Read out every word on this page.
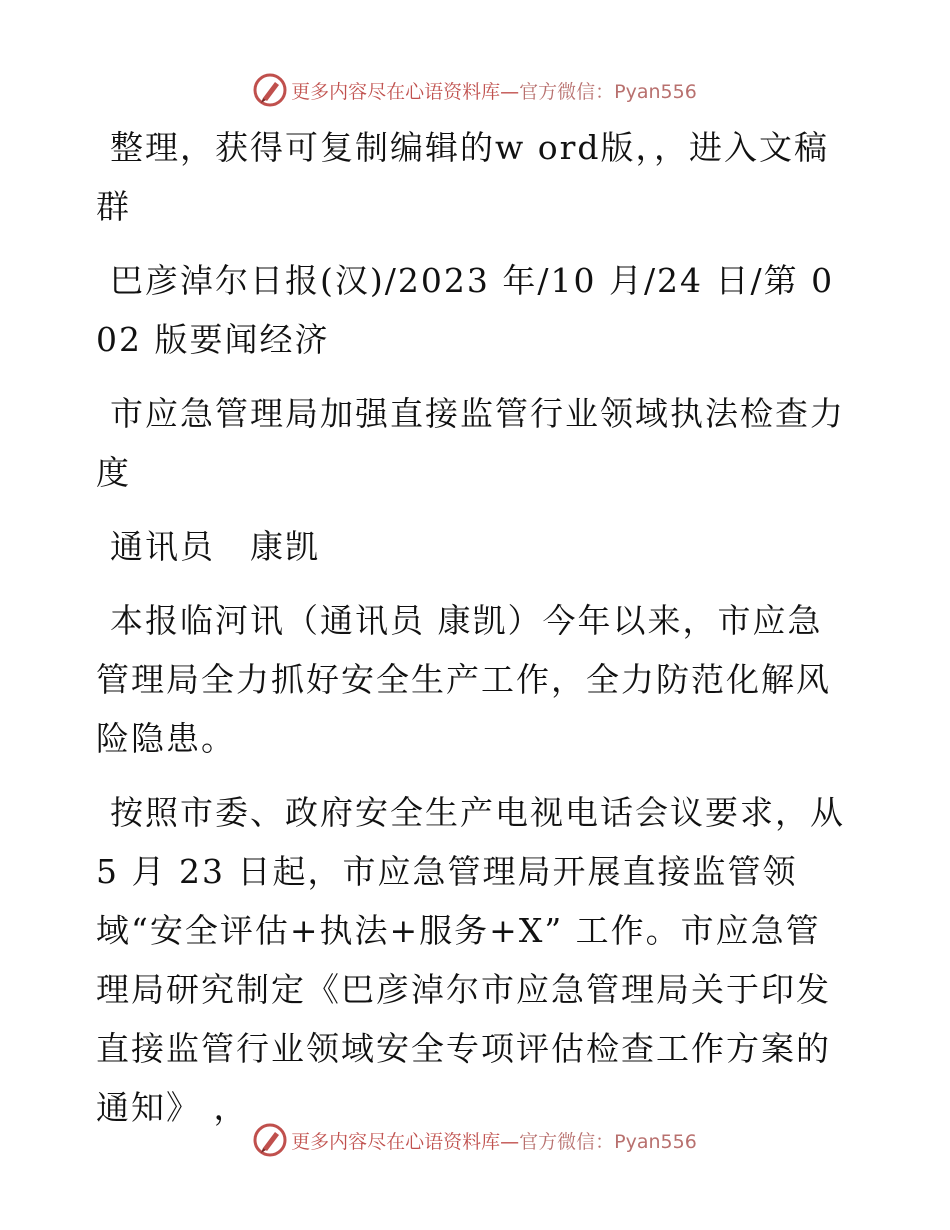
更多内容尽在心语资料库—官方微信：Pyan556

整理，获得可复制编辑的w ord版，，进入文稿群

巴彦淖尔日报(汉)/2023 年/10 月/24 日/第 002 版要闻经济

市应急管理局加强直接监管行业领域执法检查力度

通讯员　康凯

本报临河讯（通讯员 康凯）今年以来，市应急管理局全力抓好安全生产工作，全力防范化解风险隐患。

按照市委、政府安全生产电视电话会议要求，从 5 月 23 日起，市应急管理局开展直接监管领域“安全评估+执法+服务+X” 工作。市应急管理局研究制定《巴彦淖尔市应急管理局关于印发直接监管行业领域安全专项评估检查工作方案的通知》 ，

更多内容尽在心语资料库—官方微信：Pyan556
